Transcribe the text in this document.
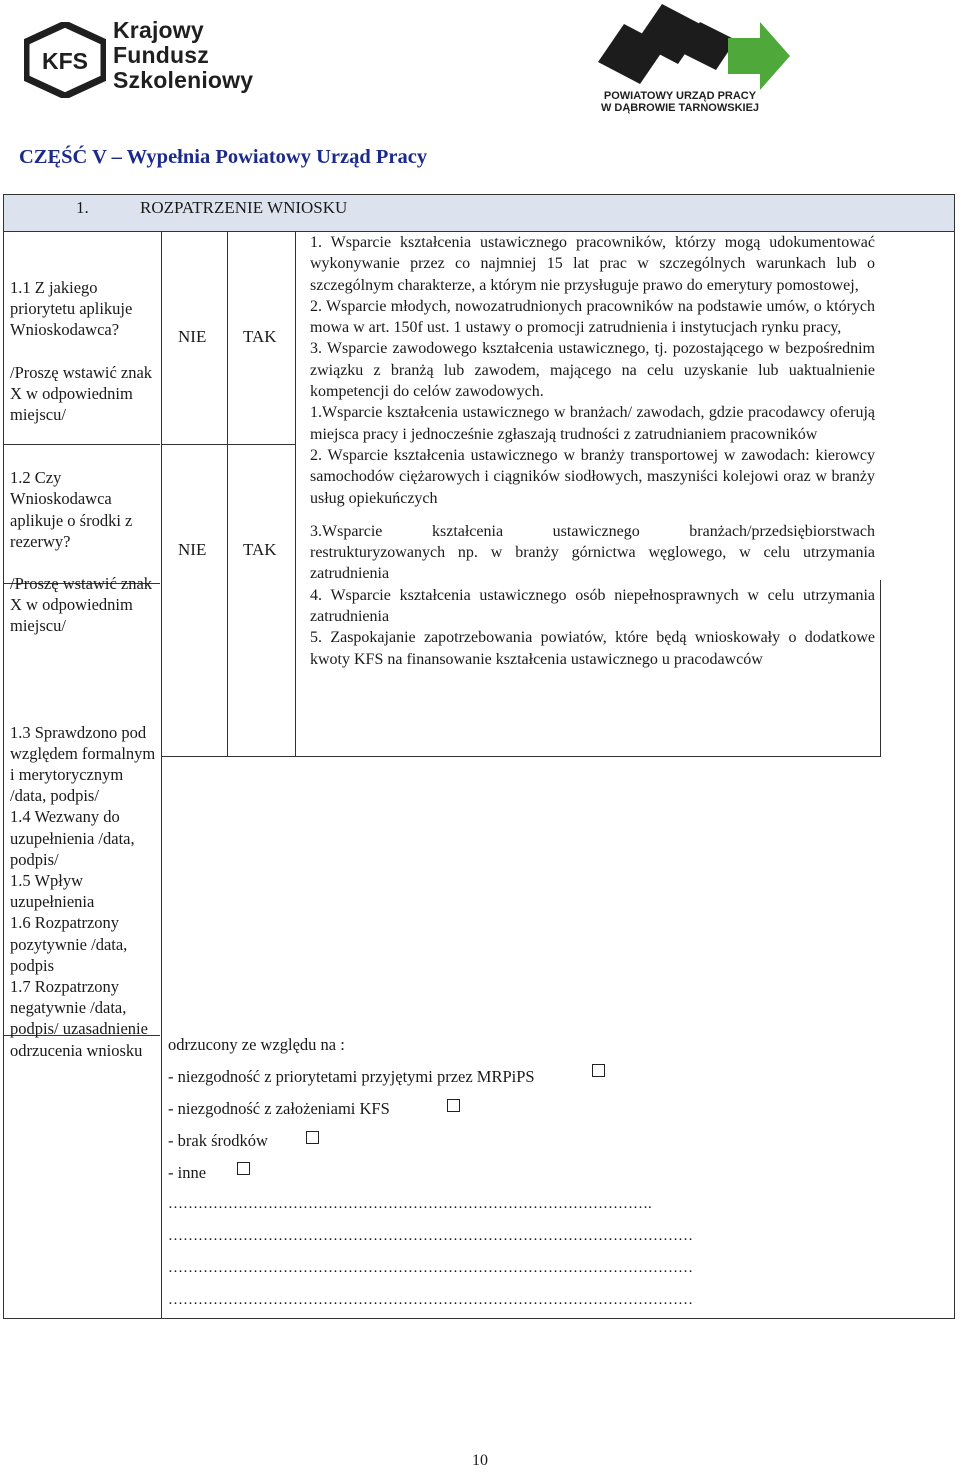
KFS
Krajowy
Fundusz
Szkoleniowy
POWIATOWY URZĄD PRACY
W DĄBROWIE TARNOWSKIEJ
CZĘŚĆ V – Wypełnia Powiatowy Urząd Pracy
1.	ROZPATRZENIE WNIOSKU

1.1 Z jakiego priorytetu aplikuje Wnioskodawca?

/Proszę wstawić znak X w odpowiednim miejscu/

1.2 Czy Wnioskodawca aplikuje o środki z rezerwy?

/Proszę wstawić znak X w odpowiednim miejscu/

1.3 Sprawdzono pod względem formalnym i merytorycznym /data, podpis/

1.4 Wezwany do uzupełnienia /data, podpis/

1.5 Wpływ uzupełnienia

1.6 Rozpatrzony pozytywnie /data, podpis

1.7 Rozpatrzony negatywnie /data, podpis/ uzasadnienie odrzucenia wniosku

NIE TAK
NIE TAK

1. Wsparcie kształcenia ustawicznego pracowników, którzy mogą udokumentować wykonywanie przez co najmniej 15 lat prac w szczególnych warunkach lub o szczególnym charakterze, a którym nie przysługuje prawo do emerytury pomostowej,

2. Wsparcie młodych, nowozatrudnionych pracowników na podstawie umów, o których mowa w art. 150f ust. 1 ustawy o promocji zatrudnienia i instytucjach rynku pracy,

3. Wsparcie zawodowego kształcenia ustawicznego, tj. pozostającego w bezpośrednim związku z branżą lub zawodem, mającego na celu uzyskanie lub uaktualnienie kompetencji do celów zawodowych.

1.Wsparcie kształcenia ustawicznego w branżach/ zawodach, gdzie pracodawcy oferują miejsca pracy i jednocześnie zgłaszają trudności z zatrudnianiem pracowników

2. Wsparcie kształcenia ustawicznego w branży transportowej w zawodach: kierowcy samochodów ciężarowych i ciągników siodłowych, maszyniści kolejowi oraz w branży usług opiekuńczych

3.Wsparcie kształcenia ustawicznego branżach/przedsiębiorstwach restrukturyzowanych np. w branży górnictwa węglowego, w celu utrzymania zatrudnienia

4. Wsparcie kształcenia ustawicznego osób niepełnosprawnych w celu utrzymania zatrudnienia

5. Zaspokajanie zapotrzebowania powiatów, które będą wnioskowały o dodatkowe kwoty KFS na finansowanie kształcenia ustawicznego u pracodawców

odrzucony ze względu na :
- niezgodność z priorytetami przyjętymi przez MRPiPS
- niezgodność z założeniami KFS
- brak środków
- inne
…………………………………………………………………………………….
……………………………………………………………………………………………
……………………………………………………………………………………………
……………………………………………………………………………………………
10
